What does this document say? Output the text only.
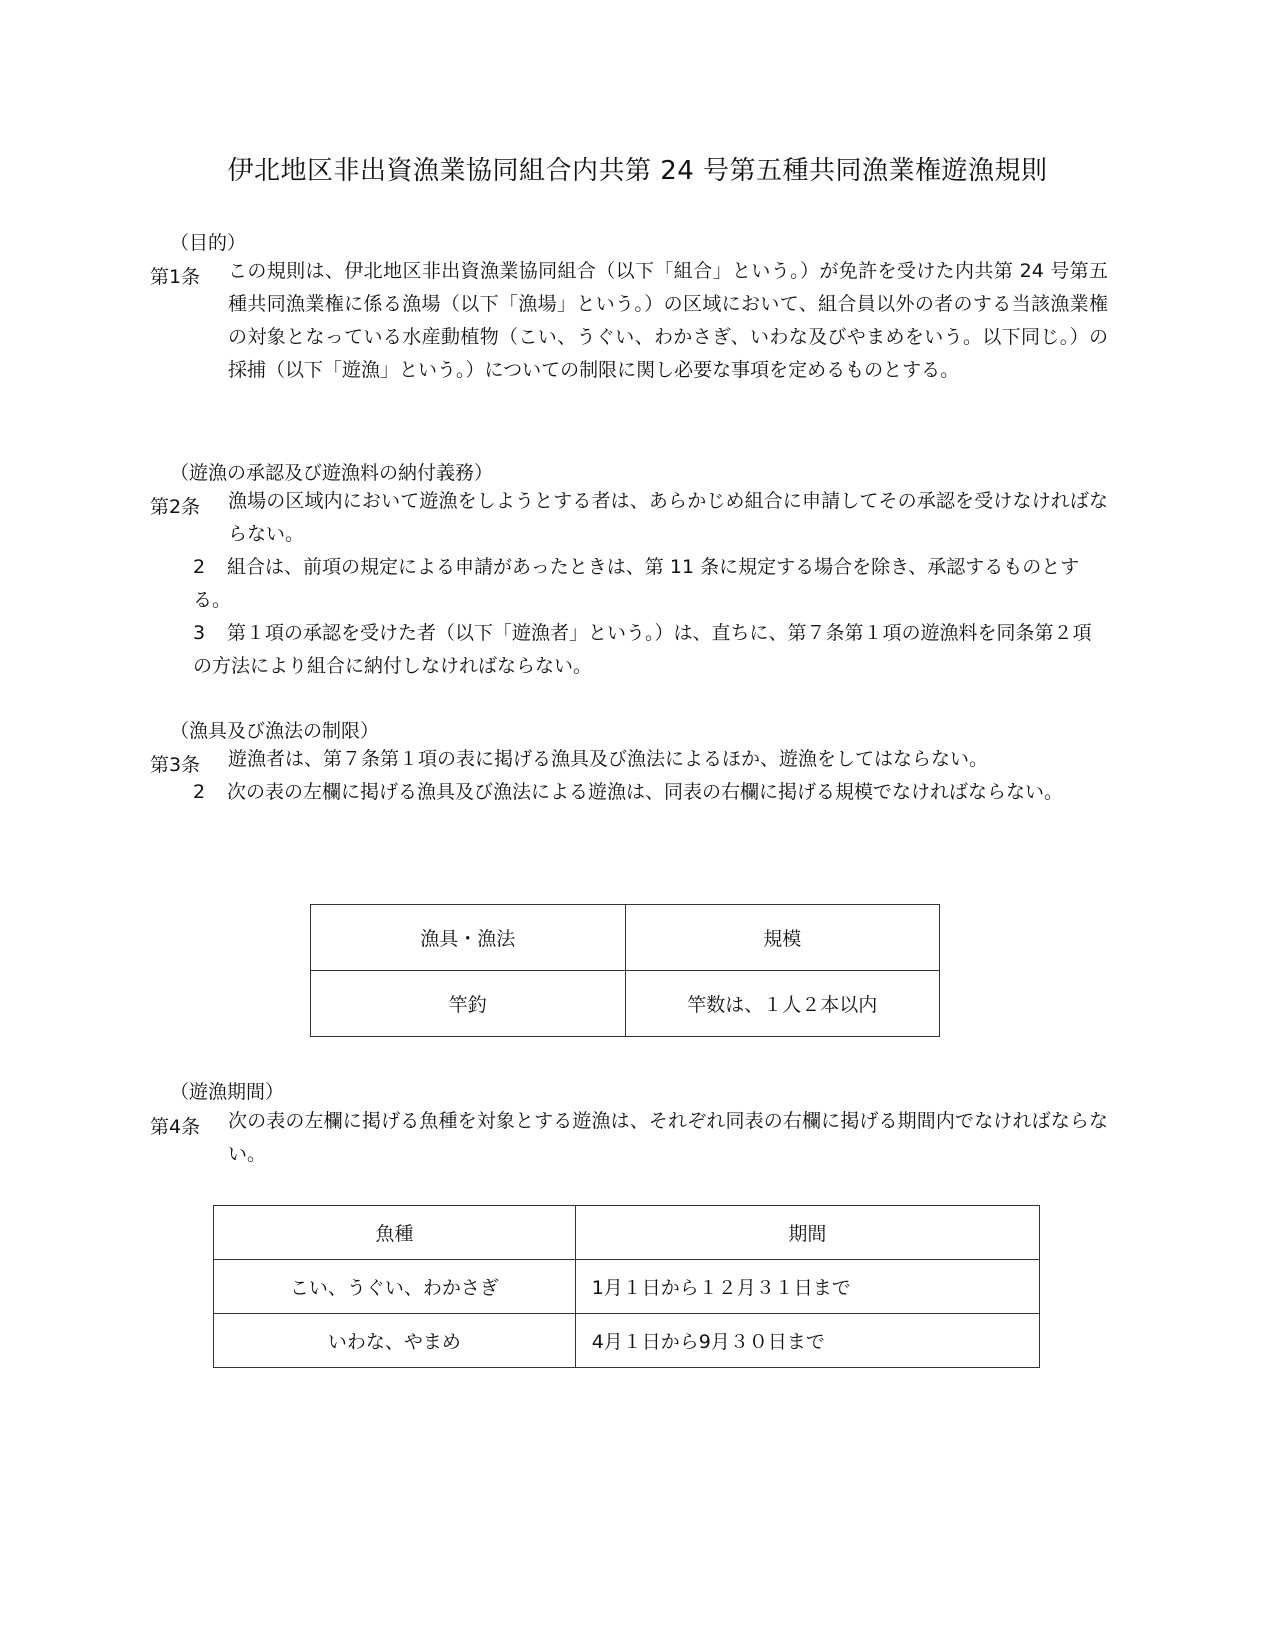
伊北地区非出資漁業協同組合内共第 24 号第五種共同漁業権遊漁規則
（目的）
第1条 この規則は、伊北地区非出資漁業協同組合（以下「組合」という。）が免許を受けた内共第 24 号第五種共同漁業権に係る漁場（以下「漁場」という。）の区域において、組合員以外の者のする当該漁業権の対象となっている水産動植物（こい、うぐい、わかさぎ、いわな及びやまめをいう。以下同じ。）の採捕（以下「遊漁」という。）についての制限に関し必要な事項を定めるものとする。
（遊漁の承認及び遊漁料の納付義務）
第2条 漁場の区域内において遊漁をしようとする者は、あらかじめ組合に申請してその承認を受けなければならない。
2 組合は、前項の規定による申請があったときは、第 11 条に規定する場合を除き、承認するものとする。
3 第１項の承認を受けた者（以下「遊漁者」という。）は、直ちに、第７条第１項の遊漁料を同条第２項の方法により組合に納付しなければならない。
（漁具及び漁法の制限）
第3条 遊漁者は、第７条第１項の表に掲げる漁具及び漁法によるほか、遊漁をしてはならない。
2 次の表の左欄に掲げる漁具及び漁法による遊漁は、同表の右欄に掲げる規模でなければならない。
漁具・漁法	規模
竿釣	竿数は、１人２本以内
（遊漁期間）
第4条 次の表の左欄に掲げる魚種を対象とする遊漁は、それぞれ同表の右欄に掲げる期間内でなければならない。
魚種	期間
こい、うぐい、わかさぎ	1月１日から１２月３１日まで
いわな、やまめ	4月１日から9月３０日まで
